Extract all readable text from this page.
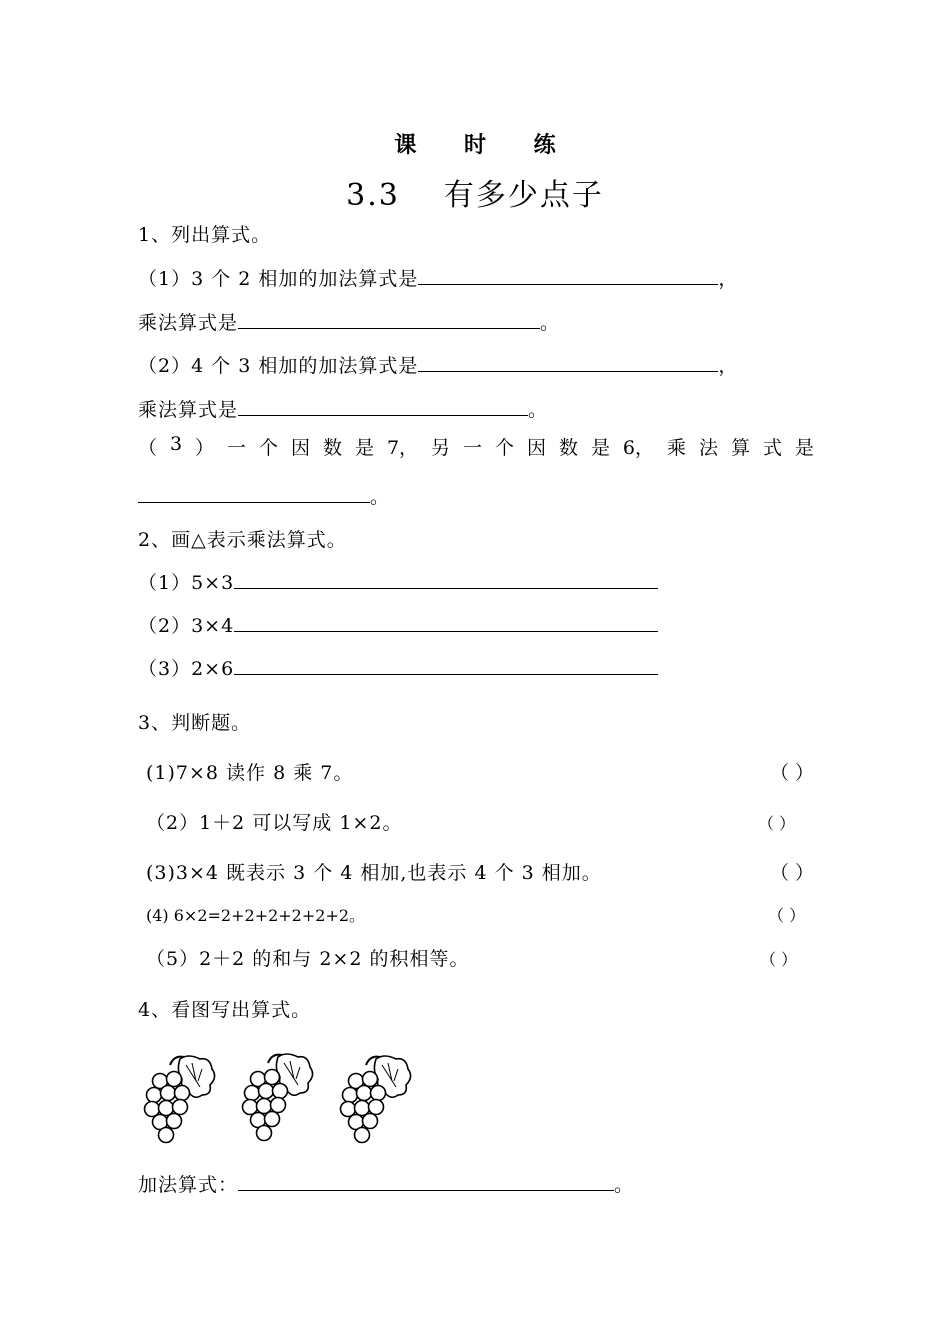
课 时 练
3.3 有多少点子
1、列出算式。
（1）3 个 2 相加的加法算式是	，
乘法算式是	。
（2）4 个 3 相加的加法算式是	，
乘法算式是	。
（ 3 ） 一 个 因 数 是 7， 另 一 个 因 数 是 6， 乘 法 算 式 是
。
2、画△表示乘法算式。
（1）5×3
（2）3×4
（3）2×6
3、判断题。
(1)7×8 读作 8 乘 7。	（ ）
（2）1＋2 可以写成 1×2。	（ ）
(3)3×4 既表示 3 个 4 相加,也表示 4 个 3 相加。	（ ）
(4) 6×2=2+2+2+2+2+2。	（ ）
（5）2＋2 的和与 2×2 的积相等。	（ ）
4、看图写出算式。
加法算式：	。
